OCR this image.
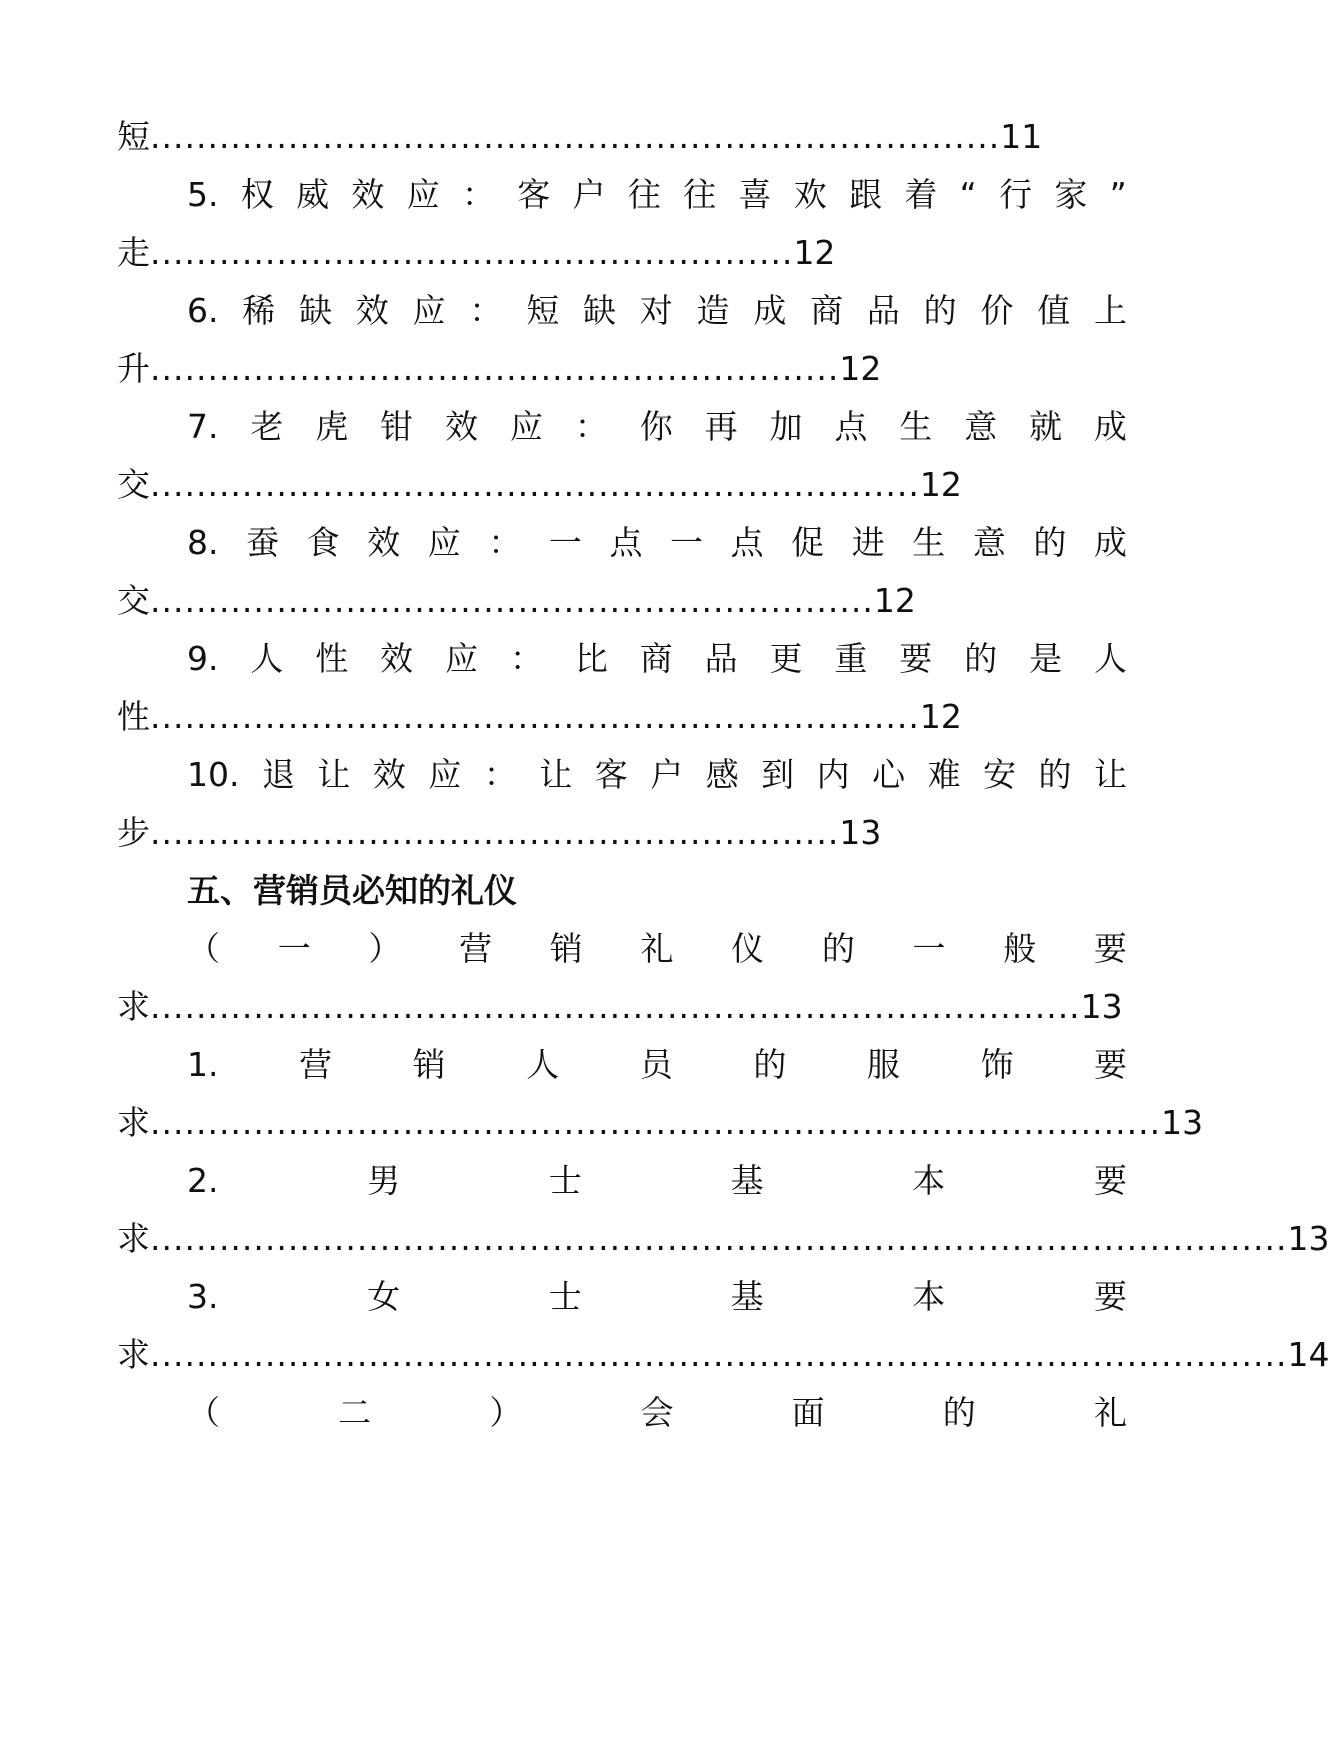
短..........................................................................11
5. 权 威 效 应 ： 客 户 往 往 喜 欢 跟 着 “ 行 家 ”
走........................................................12
6. 稀 缺 效 应 ： 短 缺 对 造 成 商 品 的 价 值 上
升............................................................12
7. 老 虎 钳 效 应 ： 你 再 加 点 生 意 就 成
交...................................................................12
8. 蚕 食 效 应 ： 一 点 一 点 促 进 生 意 的 成
交...............................................................12
9. 人 性 效 应 ： 比 商 品 更 重 要 的 是 人
性...................................................................12
10. 退 让 效 应 ： 让 客 户 感 到 内 心 难 安 的 让
步............................................................13
五、营销员必知的礼仪
（ 一 ） 营 销 礼 仪 的 一 般 要
求.................................................................................13
1. 营 销 人 员 的 服 饰 要
求........................................................................................13
2.	男	士	基	本	要
求...................................................................................................13
3.	女	士	基	本	要
求...................................................................................................14
（	二	）	会	面	的	礼
